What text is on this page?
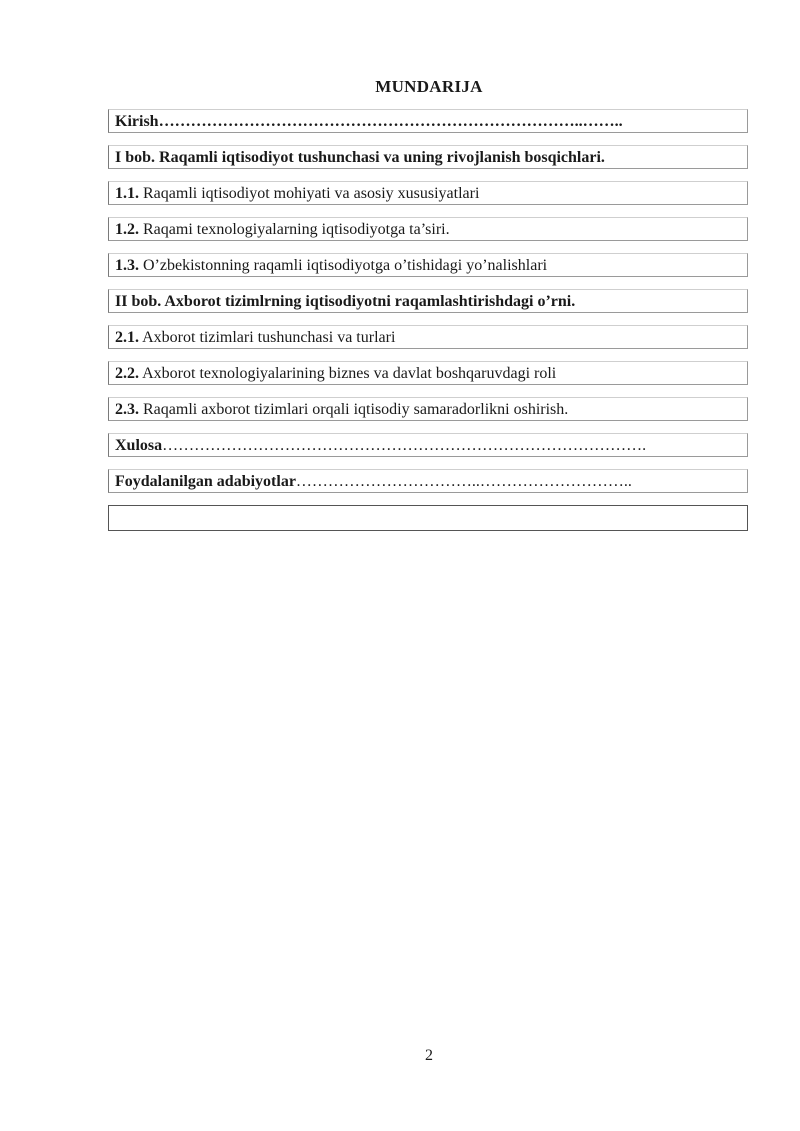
MUNDARIJA
Kirish……………………………………………………………………..……..
I bob. Raqamli iqtisodiyot tushunchasi va uning rivojlanish bosqichlari.
1.1. Raqamli iqtisodiyot mohiyati va asosiy xususiyatlari
1.2. Raqami texnologiyalarning iqtisodiyotga ta’siri.
1.3. O’zbekistonning raqamli iqtisodiyotga o’tishidagi yo’nalishlari
II bob. Axborot tizimlrning iqtisodiyotni raqamlashtirishdagi o’rni.
2.1. Axborot tizimlari tushunchasi va turlari
2.2. Axborot texnologiyalarining biznes va davlat boshqaruvdagi roli
2.3. Raqamli axborot tizimlari orqali iqtisodiy samaradorlikni oshirish.
Xulosa……………………………………………………………………………….
Foydalanilgan adabiyotlar……………………………..………………………..
2
